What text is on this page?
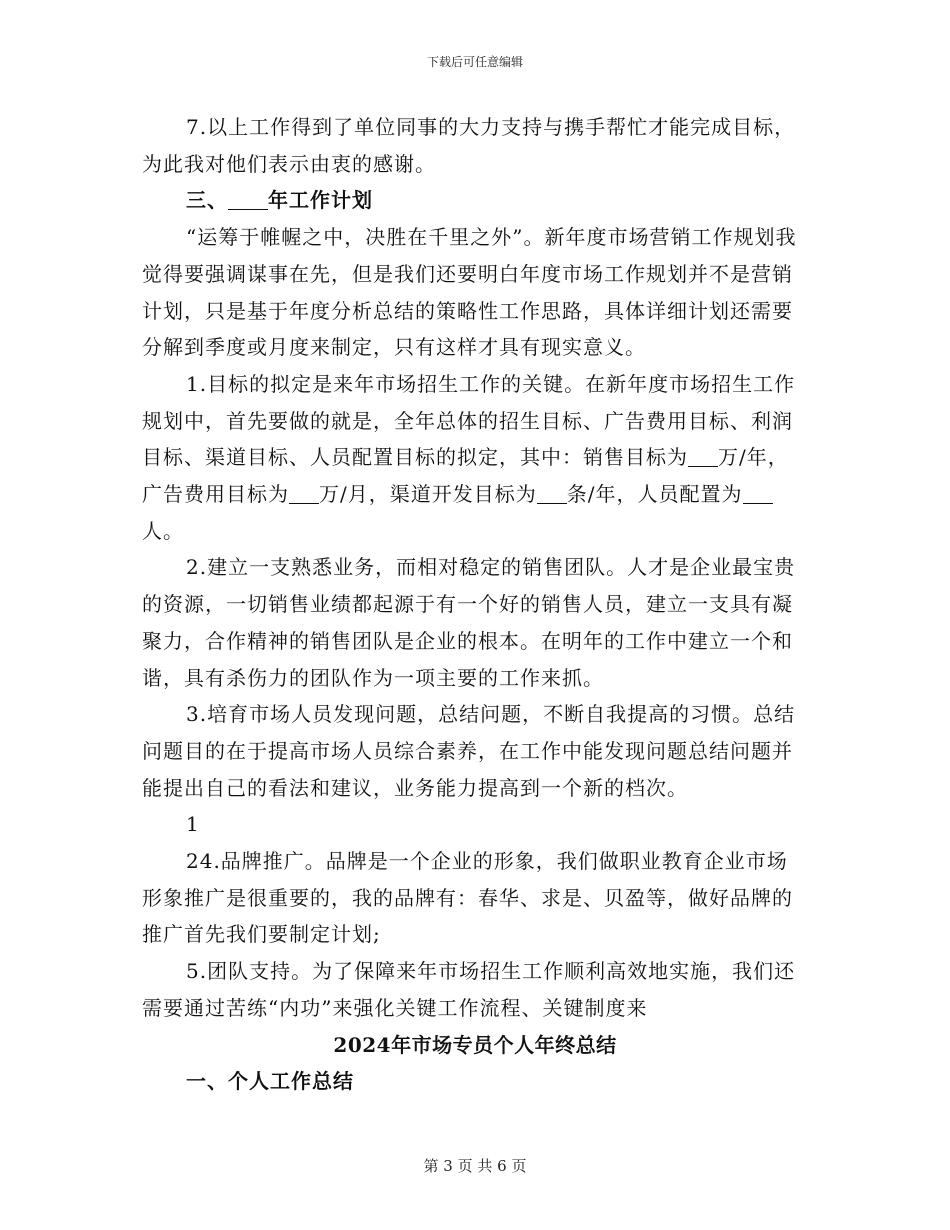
下载后可任意编辑

7.以上工作得到了单位同事的大力支持与携手帮忙才能完成目标，为此我对他们表示由衷的感谢。

三、 年工作计划

“运筹于帷幄之中，决胜在千里之外”。新年度市场营销工作规划我觉得要强调谋事在先，但是我们还要明白年度市场工作规划并不是营销计划，只是基于年度分析总结的策略性工作思路，具体详细计划还需要分解到季度或月度来制定，只有这样才具有现实意义。

1.目标的拟定是来年市场招生工作的关键。在新年度市场招生工作规划中，首先要做的就是，全年总体的招生目标、广告费用目标、利润目标、渠道目标、人员配置目标的拟定，其中：销售目标为 万/年，广告费用目标为 万/月，渠道开发目标为 条/年，人员配置为人。

2.建立一支熟悉业务，而相对稳定的销售团队。人才是企业最宝贵的资源，一切销售业绩都起源于有一个好的销售人员，建立一支具有凝聚力，合作精神的销售团队是企业的根本。在明年的工作中建立一个和谐，具有杀伤力的团队作为一项主要的工作来抓。

3.培育市场人员发现问题，总结问题，不断自我提高的习惯。总结问题目的在于提高市场人员综合素养，在工作中能发现问题总结问题并能提出自己的看法和建议，业务能力提高到一个新的档次。

1

24.品牌推广。品牌是一个企业的形象，我们做职业教育企业市场形象推广是很重要的，我的品牌有：春华、求是、贝盈等，做好品牌的推广首先我们要制定计划;

5.团队支持。为了保障来年市场招生工作顺利高效地实施，我们还需要通过苦练“内功”来强化关键工作流程、关键制度来

2024年市场专员个人年终总结

一、个人工作总结

第 3 页 共 6 页
